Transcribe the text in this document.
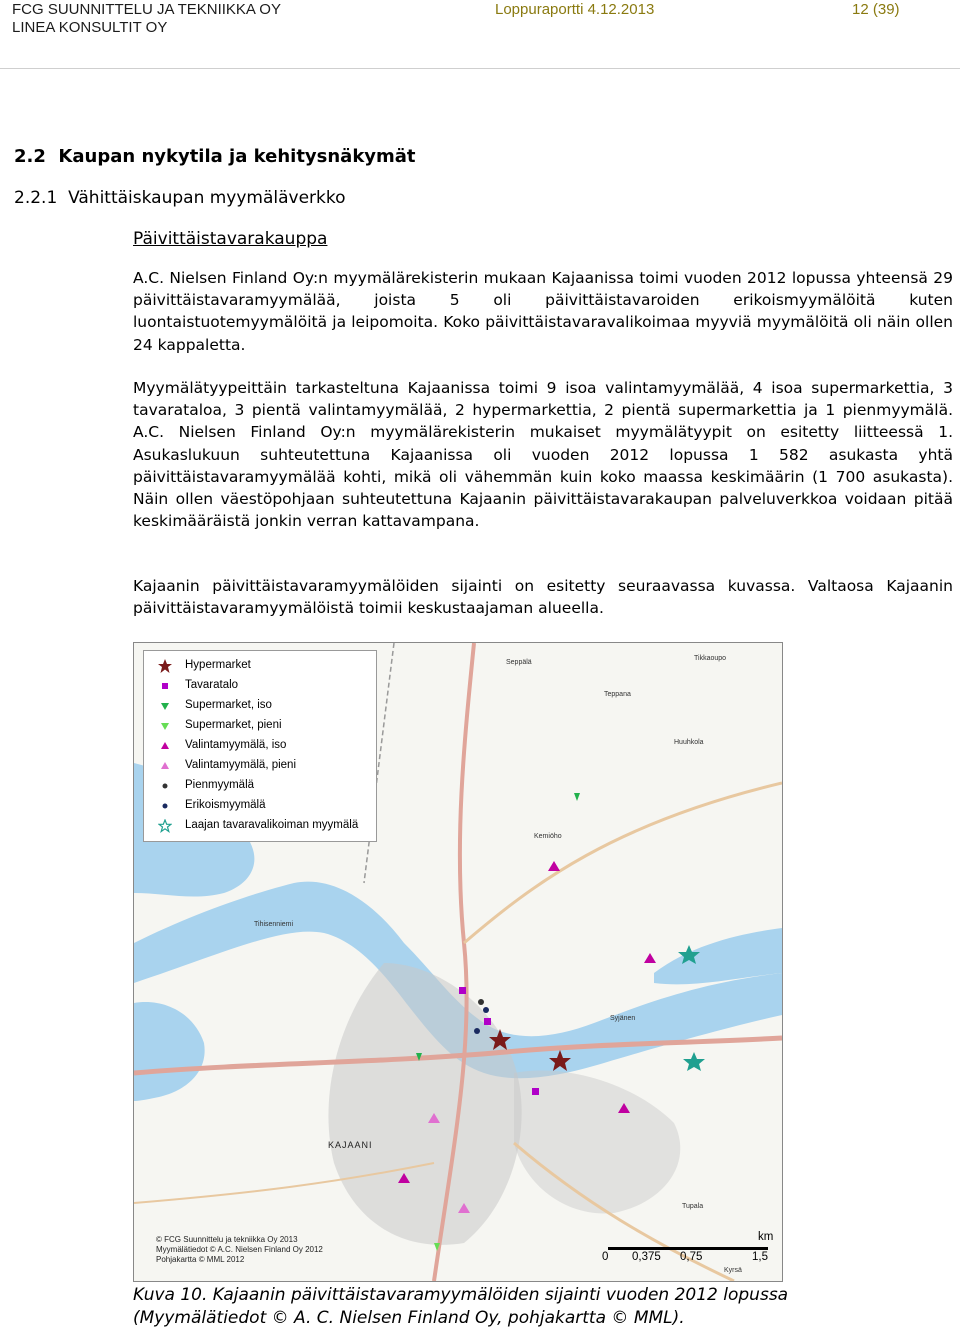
FCG SUUNNITTELU JA TEKNIIKKA OY
LINEA KONSULTIT OY
Loppuraportti 4.12.2013	12 (39)
2.2  Kaupan nykytila ja kehitysnäkymät
2.2.1  Vähittäiskaupan myymäläverkko
Päivittäistavarakauppa

A.C. Nielsen Finland Oy:n myymälärekisterin mukaan Kajaanissa toimi vuoden 2012 lopussa yhteensä 29 päivittäistavaramyymälää, joista 5 oli päivittäistavaroiden erikoismyymälöitä kuten luontaistuotemyymälöitä ja leipomoita. Koko päivittäistavaravalikoimaa myyviä myymälöitä oli näin ollen 24 kappaletta.

Myymälätyypeittäin tarkasteltuna Kajaanissa toimi 9 isoa valintamyymälää, 4 isoa supermarkettia, 3 tavarataloa, 3 pientä valintamyymälää, 2 hypermarkettia, 2 pientä supermarkettia ja 1 pienmyymälä. A.C. Nielsen Finland Oy:n myymälärekisterin mukaiset myymälätyypit on esitetty liitteessä 1. Asukaslukuun suhteutettuna Kajaanissa oli vuoden 2012 lopussa 1 582 asukasta yhtä päivittäistavaramyymälää kohti, mikä oli vähemmän kuin koko maassa keskimäärin (1 700 asukasta). Näin ollen väestöpohjaan suhteutettuna Kajaanin päivittäistavarakaupan palveluverkkoa voidaan pitää keskimääräistä jonkin verran kattavampana.

Kajaanin päivittäistavaramyymälöiden sijainti on esitetty seuraavassa kuvassa. Valtaosa Kajaanin päivittäistavaramyymälöistä toimii keskustaajaman alueella.

Seppälä
Teppana
Tikkaoupo
Huuhkola
Kemiöho
Tihisenniemi
Syjänen
Tupala
Kyrsä
KAJAANI
© FCG Suunnittelu ja tekniikka Oy 2013
Myymälätiedot © A.C. Nielsen Finland Oy 2012
Pohjakartta © MML 2012
km
0 0,375 0,75	1,5
Hypermarket
Tavaratalo
Supermarket, iso
Supermarket, pieni
Valintamyymälä, iso
Valintamyymälä, pieni
Pienmyymälä
Erikoismyymälä
Laajan tavaravalikoiman myymälä
Kuva 10. Kajaanin päivittäistavaramyymälöiden sijainti vuoden 2012 lopussa
(Myymälätiedot © A. C. Nielsen Finland Oy, pohjakartta © MML).
